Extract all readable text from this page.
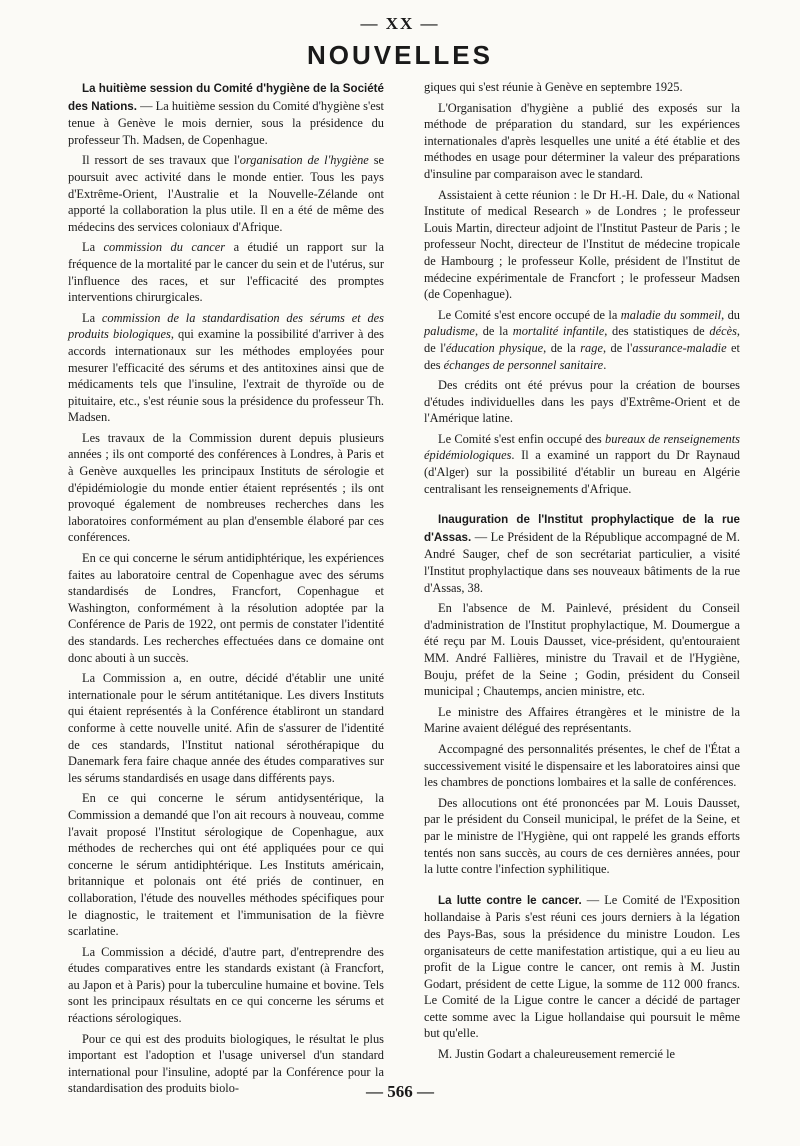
— XX —
NOUVELLES

La huitième session du Comité d'hygiène de la Société des Nations. — La huitième session du Comité d'hygiène s'est tenue à Genève le mois dernier, sous la présidence du professeur Th. Madsen, de Copenhague.

Il ressort de ses travaux que l'organisation de l'hygiène se poursuit avec activité dans le monde entier. Tous les pays d'Extrême-Orient, l'Australie et la Nouvelle-Zélande ont apporté la collaboration la plus utile. Il en a été de même des médecins des services coloniaux d'Afrique.

La commission du cancer a étudié un rapport sur la fréquence de la mortalité par le cancer du sein et de l'utérus, sur l'influence des races, et sur l'efficacité des promptes interventions chirurgicales.

La commission de la standardisation des sérums et des produits biologiques, qui examine la possibilité d'arriver à des accords internationaux sur les méthodes employées pour mesurer l'efficacité des sérums et des antitoxines ainsi que de médicaments tels que l'insuline, l'extrait de thyroïde ou de pituitaire, etc., s'est réunie sous la présidence du professeur Th. Madsen.

Les travaux de la Commission durent depuis plusieurs années ; ils ont comporté des conférences à Londres, à Paris et à Genève auxquelles les principaux Instituts de sérologie et d'épidémiologie du monde entier étaient représentés ; ils ont provoqué également de nombreuses recherches dans les laboratoires conformément au plan d'ensemble élaboré par ces conférences.

En ce qui concerne le sérum antidiphtérique, les expériences faites au laboratoire central de Copenhague avec des sérums standardisés de Londres, Francfort, Copenhague et Washington, conformément à la résolution adoptée par la Conférence de Paris de 1922, ont permis de constater l'identité des standards. Les recherches effectuées dans ce domaine ont donc abouti à un succès.

La Commission a, en outre, décidé d'établir une unité internationale pour le sérum antitétanique. Les divers Instituts qui étaient représentés à la Conférence établiront un standard conforme à cette nouvelle unité. Afin de s'assurer de l'identité de ces standards, l'Institut national sérothérapique du Danemark fera faire chaque année des études comparatives sur les sérums standardisés en usage dans différents pays.

En ce qui concerne le sérum antidysentérique, la Commission a demandé que l'on ait recours à nouveau, comme l'avait proposé l'Institut sérologique de Copenhague, aux méthodes de recherches qui ont été appliquées pour ce qui concerne le sérum antidiphtérique. Les Instituts américain, britannique et polonais ont été priés de continuer, en collaboration, l'étude des nouvelles méthodes spécifiques pour le diagnostic, le traitement et l'immunisation de la fièvre scarlatine.

La Commission a décidé, d'autre part, d'entreprendre des études comparatives entre les standards existant (à Francfort, au Japon et à Paris) pour la tuberculine humaine et bovine. Tels sont les principaux résultats en ce qui concerne les sérums et réactions sérologiques.

Pour ce qui est des produits biologiques, le résultat le plus important est l'adoption et l'usage universel d'un standard international pour l'insuline, adopté par la Conférence pour la standardisation des produits biolo-

giques qui s'est réunie à Genève en septembre 1925.

L'Organisation d'hygiène a publié des exposés sur la méthode de préparation du standard, sur les expériences internationales d'après lesquelles une unité a été établie et des méthodes en usage pour déterminer la valeur des préparations d'insuline par comparaison avec le standard.

Assistaient à cette réunion : le Dr H.-H. Dale, du « National Institute of medical Research » de Londres ; le professeur Louis Martin, directeur adjoint de l'Institut Pasteur de Paris ; le professeur Nocht, directeur de l'Institut de médecine tropicale de Hambourg ; le professeur Kolle, président de l'Institut de médecine expérimentale de Francfort ; le professeur Madsen (de Copenhague).

Le Comité s'est encore occupé de la maladie du sommeil, du paludisme, de la mortalité infantile, des statistiques de décès, de l'éducation physique, de la rage, de l'assurance-maladie et des échanges de personnel sanitaire.

Des crédits ont été prévus pour la création de bourses d'études individuelles dans les pays d'Extrême-Orient et de l'Amérique latine.

Le Comité s'est enfin occupé des bureaux de renseignements épidémiologiques. Il a examiné un rapport du Dr Raynaud (d'Alger) sur la possibilité d'établir un bureau en Algérie centralisant les renseignements d'Afrique.

Inauguration de l'Institut prophylactique de la rue d'Assas. — Le Président de la République accompagné de M. André Sauger, chef de son secrétariat particulier, a visité l'Institut prophylactique dans ses nouveaux bâtiments de la rue d'Assas, 38.

En l'absence de M. Painlevé, président du Conseil d'administration de l'Institut prophylactique, M. Doumergue a été reçu par M. Louis Dausset, vice-président, qu'entouraient MM. André Fallières, ministre du Travail et de l'Hygiène, Bouju, préfet de la Seine ; Godin, président du Conseil municipal ; Chautemps, ancien ministre, etc.

Le ministre des Affaires étrangères et le ministre de la Marine avaient délégué des représentants.

Accompagné des personnalités présentes, le chef de l'État a successivement visité le dispensaire et les laboratoires ainsi que les chambres de ponctions lombaires et la salle de conférences.

Des allocutions ont été prononcées par M. Louis Dausset, par le président du Conseil municipal, le préfet de la Seine, et par le ministre de l'Hygiène, qui ont rappelé les grands efforts tentés non sans succès, au cours de ces dernières années, pour la lutte contre l'infection syphilitique.

La lutte contre le cancer. — Le Comité de l'Exposition hollandaise à Paris s'est réuni ces jours derniers à la légation des Pays-Bas, sous la présidence du ministre Loudon. Les organisateurs de cette manifestation artistique, qui a eu lieu au profit de la Ligue contre le cancer, ont remis à M. Justin Godart, président de cette Ligue, la somme de 112 000 francs. Le Comité de la Ligue contre le cancer a décidé de partager cette somme avec la Ligue hollandaise qui poursuit le même but qu'elle.

M. Justin Godart a chaleureusement remercié le

— 566 —
